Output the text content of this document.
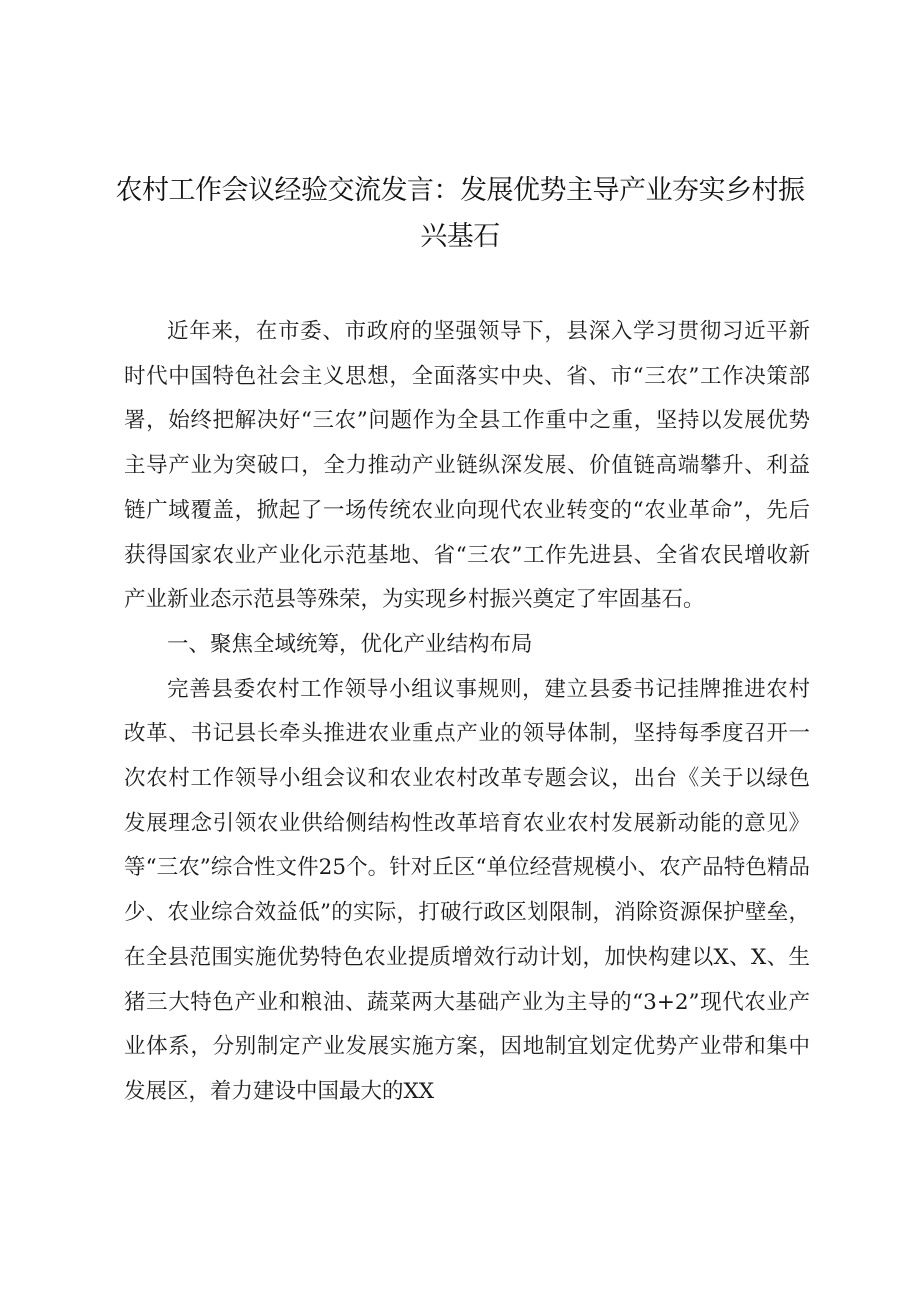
农村工作会议经验交流发言：发展优势主导产业夯实乡村振兴基石

近年来，在市委、市政府的坚强领导下，县深入学习贯彻习近平新时代中国特色社会主义思想，全面落实中央、省、市“三农”工作决策部署，始终把解决好“三农”问题作为全县工作重中之重，坚持以发展优势主导产业为突破口，全力推动产业链纵深发展、价值链高端攀升、利益链广域覆盖，掀起了一场传统农业向现代农业转变的“农业革命”，先后获得国家农业产业化示范基地、省“三农”工作先进县、全省农民增收新产业新业态示范县等殊荣，为实现乡村振兴奠定了牢固基石。

一、聚焦全域统筹，优化产业结构布局

完善县委农村工作领导小组议事规则，建立县委书记挂牌推进农村改革、书记县长牵头推进农业重点产业的领导体制，坚持每季度召开一次农村工作领导小组会议和农业农村改革专题会议，出台《关于以绿色发展理念引领农业供给侧结构性改革培育农业农村发展新动能的意见》等“三农”综合性文件25个。针对丘区“单位经营规模小、农产品特色精品少、农业综合效益低”的实际，打破行政区划限制，消除资源保护壁垒，在全县范围实施优势特色农业提质增效行动计划，加快构建以X、X、生猪三大特色产业和粮油、蔬菜两大基础产业为主导的“3+2”现代农业产业体系，分别制定产业发展实施方案，因地制宜划定优势产业带和集中发展区，着力建设中国最大的XX
